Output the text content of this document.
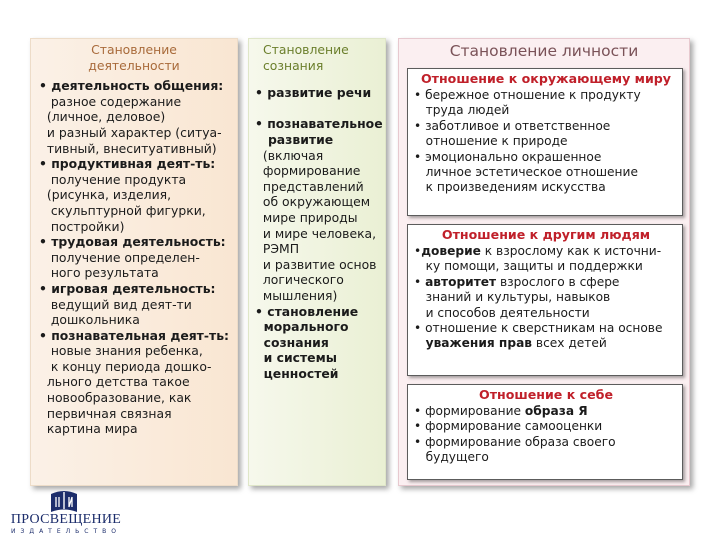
Становление
деятельности
• деятельность общения:
разное содержание
(личное, деловое)
и разный характер (ситуа-
тивный, внеситуативный)
• продуктивная деят-ть:
получение продукта
(рисунка, изделия,
скульптурной фигурки,
постройки)
• трудовая деятельность:
получение определен-
ного результата
• игровая деятельность:
ведущий вид деят-ти
дошкольника
• познавательная деят-ть:
новые знания ребенка,
к концу периода дошко-
льного детства такое
новообразование, как
первичная связная
картина мира
Становление
сознания
• развитие речи

• познавательное
развитие
(включая
формирование
представлений
об окружающем
мире природы
и мире человека,
РЭМП
и развитие основ
логического
мышления)
• становление
морального
сознания
и системы
ценностей
Становление личности
Отношение к окружающему миру
• бережное отношение к продукту
труда людей
• заботливое и ответственное
отношение к природе
• эмоционально окрашенное
личное эстетическое отношение
к произведениям искусства
Отношение к другим людям
•доверие к взрослому как к источни-
ку помощи, защиты и поддержки
• авторитет взрослого в сфере
знаний и культуры, навыков
и способов деятельности
• отношение к сверстникам на основе
уважения прав всех детей
Отношение к себе
• формирование образа Я
• формирование самооценки
• формирование образа своего
будущего
ПРОСВЕЩЕНИЕ
ИЗДАТЕЛЬСТВО
